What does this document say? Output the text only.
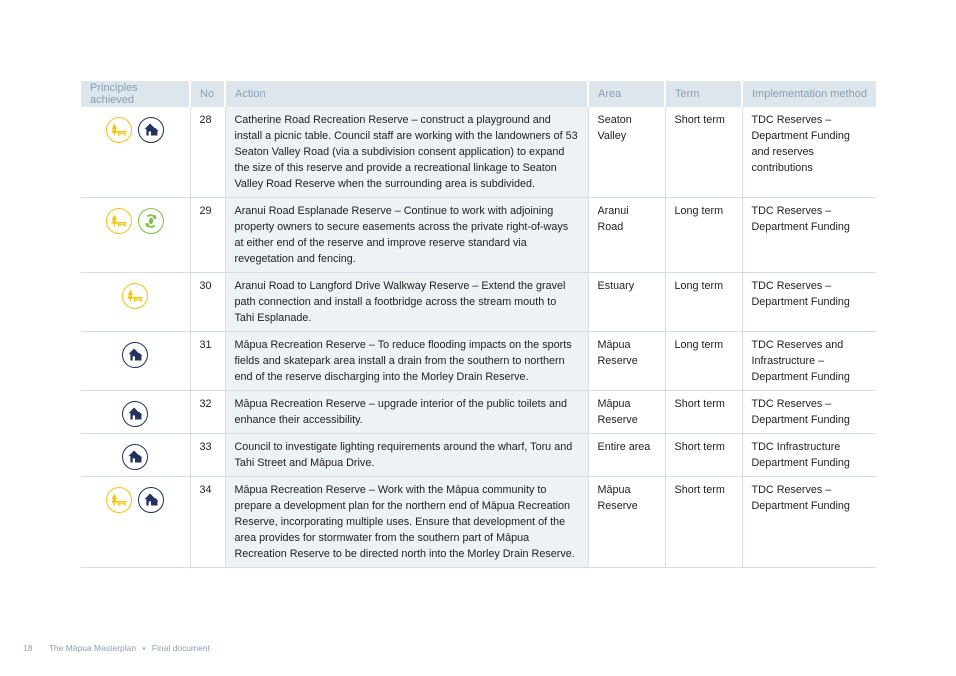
Principles achieved	No	Action	Area	Term	Implementation method

	28	Catherine Road Recreation Reserve – construct a playground and install a picnic table. Council staff are working with the landowners of 53 Seaton Valley Road (via a subdivision consent application) to expand the size of this reserve and provide a recreational linkage to Seaton Valley Road Reserve when the surrounding area is subdivided.	Seaton Valley	Short term	TDC Reserves – Department Funding and reserves contributions

	29	Aranui Road Esplanade Reserve – Continue to work with adjoining property owners to secure easements across the private right-of-ways at either end of the reserve and improve reserve standard via revegetation and fencing.	Aranui Road	Long term	TDC Reserves – Department Funding

	30	Aranui Road to Langford Drive Walkway Reserve – Extend the gravel path connection and install a footbridge across the stream mouth to Tahi Esplanade.	Estuary	Long term	TDC Reserves – Department Funding

	31	Māpua Recreation Reserve – To reduce flooding impacts on the sports fields and skatepark area install a drain from the southern to northern end of the reserve discharging into the Morley Drain Reserve.	Māpua Reserve	Long term	TDC Reserves and Infrastructure – Department Funding

	32	Māpua Recreation Reserve – upgrade interior of the public toilets and enhance their accessibility.	Māpua Reserve	Short term	TDC Reserves – Department Funding

	33	Council to investigate lighting requirements around the wharf, Toru and Tahi Street and Māpua Drive.	Entire area	Short term	TDC Infrastructure Department Funding

	34	Māpua Recreation Reserve – Work with the Māpua community to prepare a development plan for the northern end of Māpua Recreation Reserve, incorporating multiple uses. Ensure that development of the area provides for stormwater from the southern part of Māpua Recreation Reserve to be directed north into the Morley Drain Reserve.	Māpua Reserve	Short term	TDC Reserves – Department Funding
18 The Māpua Masterplan • Final document
